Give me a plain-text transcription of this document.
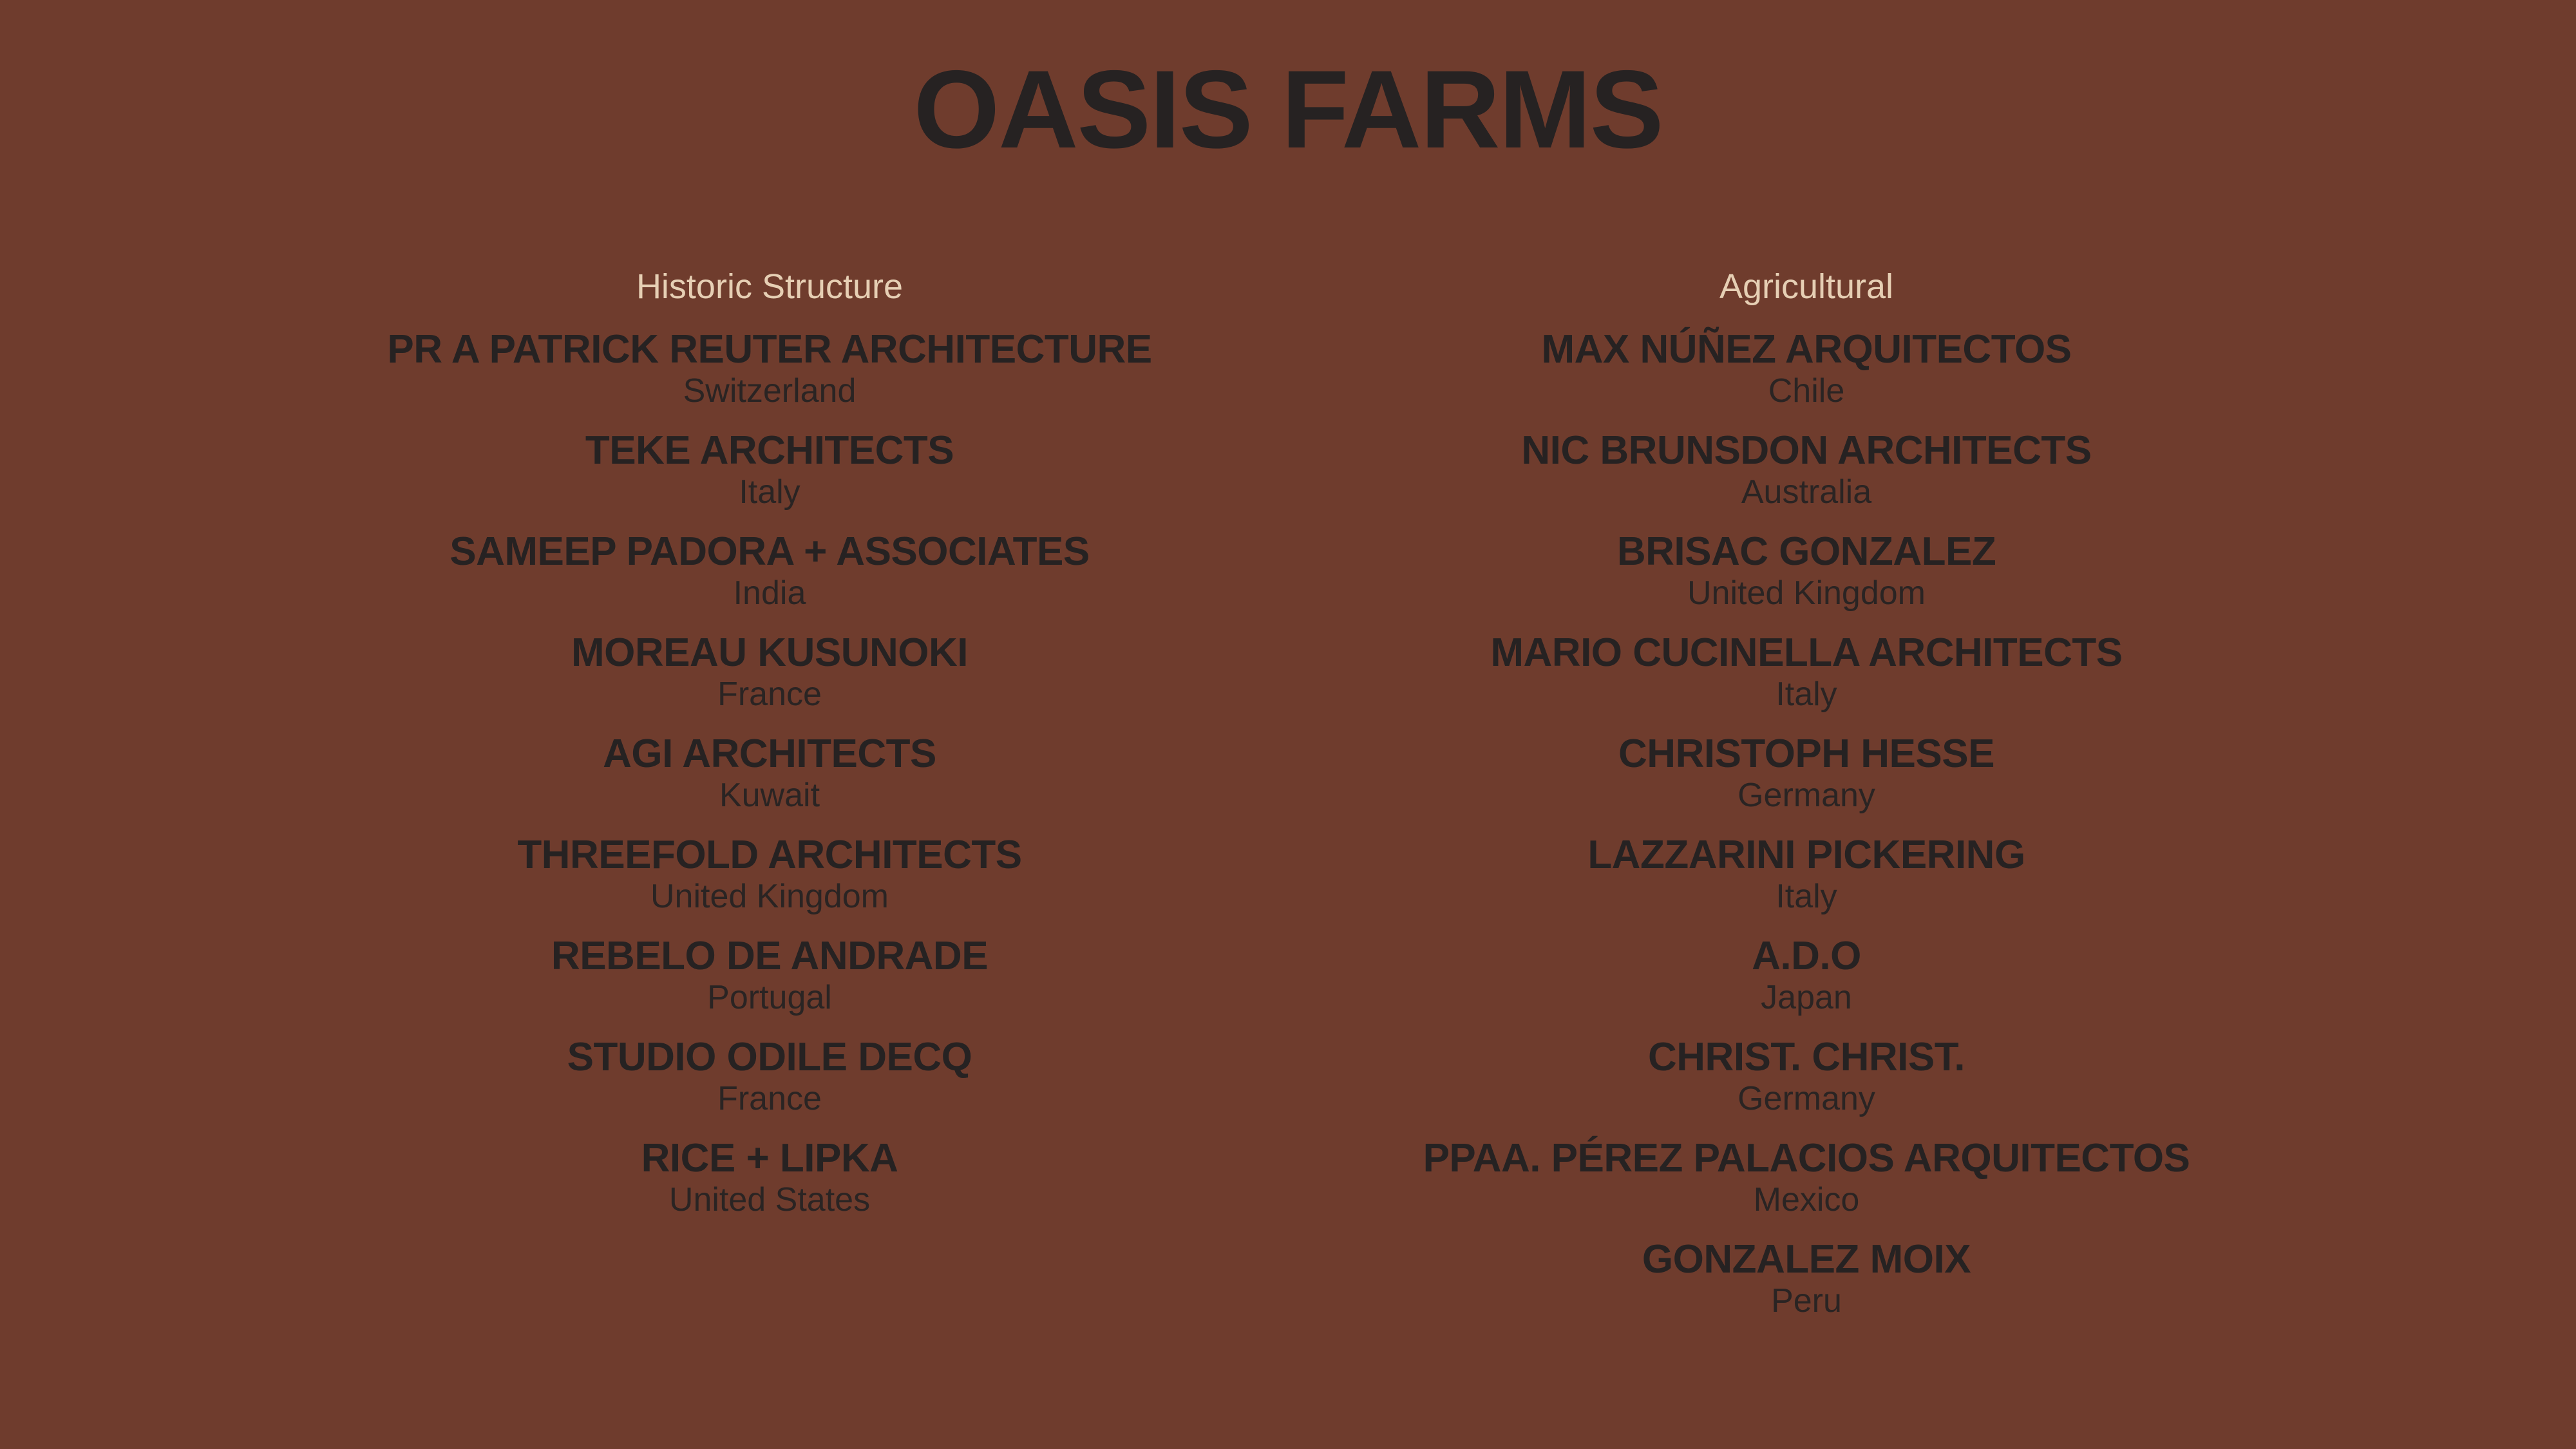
OASIS FARMS
Historic Structure
PR A PATRICK REUTER ARCHITECTURE
Switzerland
TEKE ARCHITECTS
Italy
SAMEEP PADORA + ASSOCIATES
India
MOREAU KUSUNOKI
France
AGI ARCHITECTS
Kuwait
THREEFOLD ARCHITECTS
United Kingdom
REBELO DE ANDRADE
Portugal
STUDIO ODILE DECQ
France
RICE + LIPKA
United States
Agricultural
MAX NÚÑEZ ARQUITECTOS
Chile
NIC BRUNSDON ARCHITECTS
Australia
BRISAC GONZALEZ
United Kingdom
MARIO CUCINELLA ARCHITECTS
Italy
CHRISTOPH HESSE
Germany
LAZZARINI PICKERING
Italy
A.D.O
Japan
CHRIST. CHRIST.
Germany
PPAA. PÉREZ PALACIOS ARQUITECTOS
Mexico
GONZALEZ MOIX
Peru
